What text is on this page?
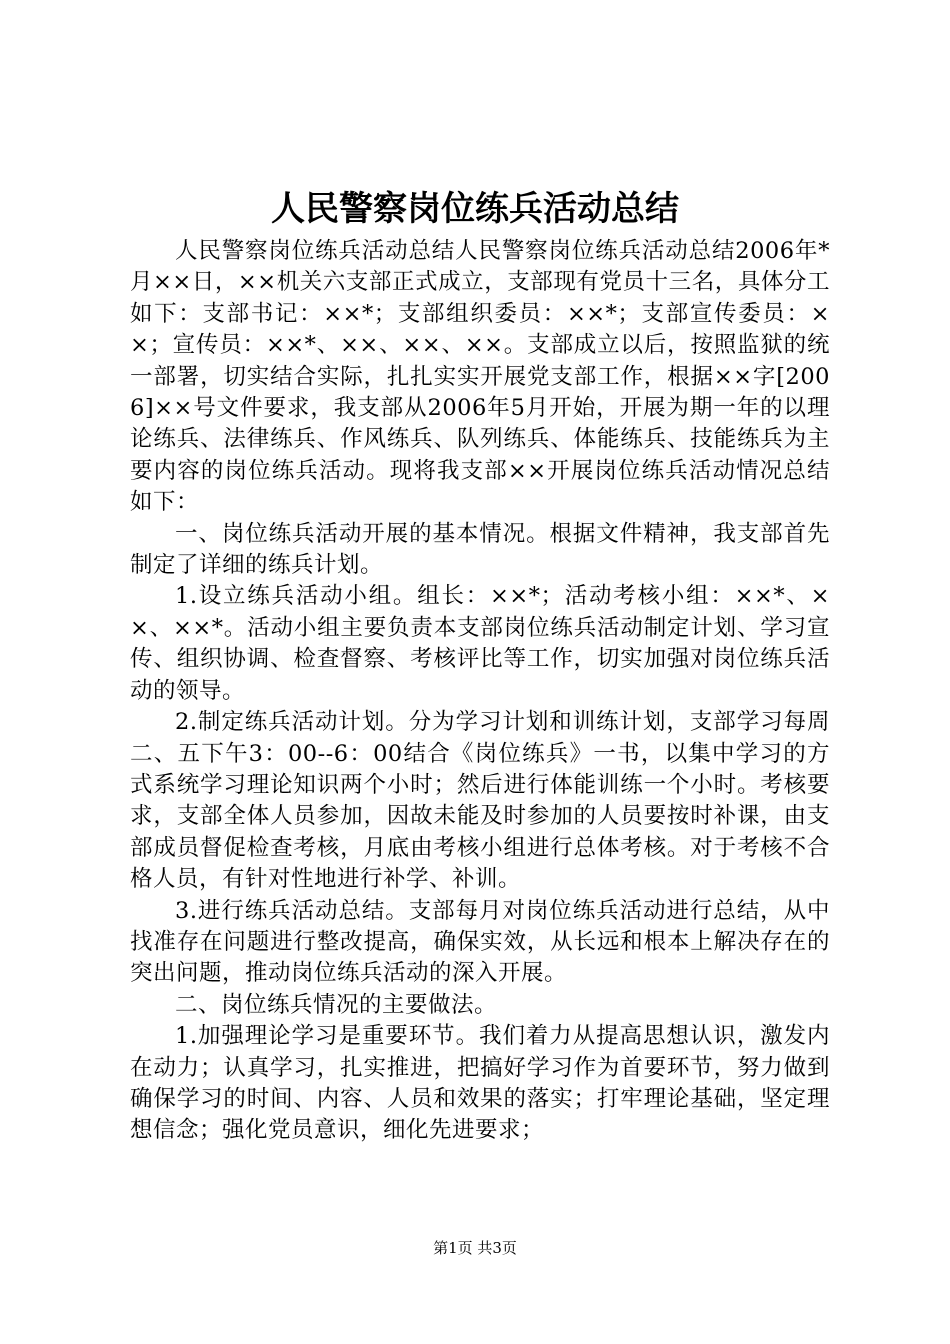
人民警察岗位练兵活动总结

人民警察岗位练兵活动总结人民警察岗位练兵活动总结2006年*月××日，××机关六支部正式成立，支部现有党员十三名，具体分工如下：支部书记：××*；支部组织委员：××*；支部宣传委员：××；宣传员：××*、××、××、××。支部成立以后，按照监狱的统一部署，切实结合实际，扎扎实实开展党支部工作，根据××字[2006]××号文件要求，我支部从2006年5月开始，开展为期一年的以理论练兵、法律练兵、作风练兵、队列练兵、体能练兵、技能练兵为主要内容的岗位练兵活动。现将我支部××开展岗位练兵活动情况总结如下：

一、岗位练兵活动开展的基本情况。根据文件精神，我支部首先制定了详细的练兵计划。

1.设立练兵活动小组。组长：××*；活动考核小组：××*、××、××*。活动小组主要负责本支部岗位练兵活动制定计划、学习宣传、组织协调、检查督察、考核评比等工作，切实加强对岗位练兵活动的领导。

2.制定练兵活动计划。分为学习计划和训练计划，支部学习每周二、五下午3：00--6：00结合《岗位练兵》一书，以集中学习的方式系统学习理论知识两个小时；然后进行体能训练一个小时。考核要求，支部全体人员参加，因故未能及时参加的人员要按时补课，由支部成员督促检查考核，月底由考核小组进行总体考核。对于考核不合格人员，有针对性地进行补学、补训。

3.进行练兵活动总结。支部每月对岗位练兵活动进行总结，从中找准存在问题进行整改提高，确保实效，从长远和根本上解决存在的突出问题，推动岗位练兵活动的深入开展。

二、岗位练兵情况的主要做法。

1.加强理论学习是重要环节。我们着力从提高思想认识，激发内在动力；认真学习，扎实推进，把搞好学习作为首要环节，努力做到确保学习的时间、内容、人员和效果的落实；打牢理论基础，坚定理想信念；强化党员意识，细化先进要求；

第1页 共3页
